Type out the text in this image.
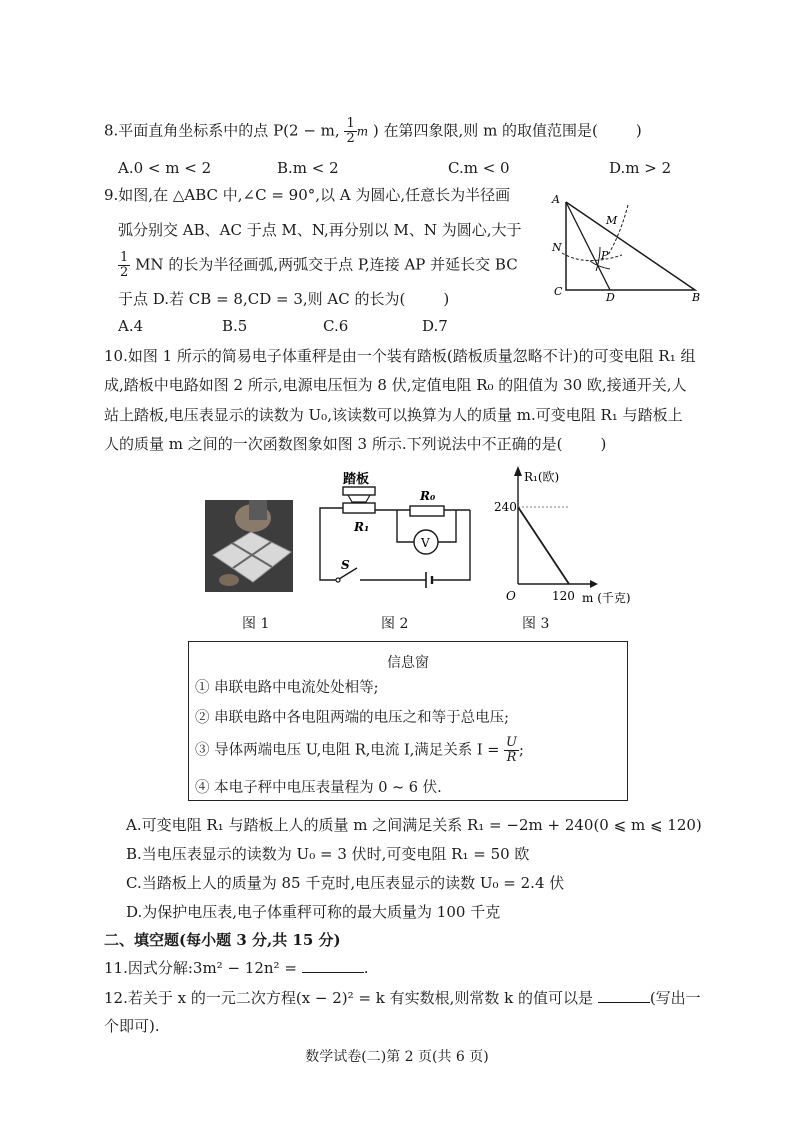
8.平面直角坐标系中的点 P(2 − m, $\frac{1}{2}$ m ) 在第四象限,则 m 的取值范围是(	)
A.0 < m < 2	B.m < 2	C.m < 0	D.m > 2
9.如图,在 △ABC 中,∠C = 90°,以 A 为圆心,任意长为半径画
弧分别交 AB、AC 于点 M、N,再分别以 M、N 为圆心,大于
$\frac{1}{2}$ MN 的长为半径画弧,两弧交于点 P,连接 AP 并延长交 BC
于点 D.若 CB = 8,CD = 3,则 AC 的长为(	)
A.4	B.5	C.6	D.7
A
M
N
P
C	D	B
10.如图 1 所示的简易电子体重秤是由一个装有踏板(踏板质量忽略不计)的可变电阻 R₁ 组
成,踏板中电路如图 2 所示,电源电压恒为 8 伏,定值电阻 R₀ 的阻值为 30 欧,接通开关,人
站上踏板,电压表显示的读数为 U₀,该读数可以换算为人的质量 m.可变电阻 R₁ 与踏板上
人的质量 m 之间的一次函数图象如图 3 所示.下列说法中不正确的是(	)
踏板
R₁
R₀
V
S
R₁(欧)
240
O	120 m (千克)
图 1	图 2	图 3
信息窗
① 串联电路中电流处处相等;
② 串联电路中各电阻两端的电压之和等于总电压;
③ 导体两端电压 U,电阻 R,电流 I,满足关系 $I = \frac{U}{R}$ ;
④ 本电子秤中电压表量程为 0 ~ 6 伏.
A.可变电阻 R₁ 与踏板上人的质量 m 之间满足关系 R₁ = −2m + 240(0 ⩽ m ⩽ 120)
B.当电压表显示的读数为 U₀ = 3 伏时,可变电阻 R₁ = 50 欧
C.当踏板上人的质量为 85 千克时,电压表显示的读数 U₀ = 2.4 伏
D.为保护电压表,电子体重秤可称的最大质量为 100 千克
二、填空题(每小题 3 分,共 15 分)
11.因式分解:3m² − 12n² =	.
12.若关于 x 的一元二次方程(x − 2)² = k 有实数根,则常数 k 的值可以是	(写出一
个即可).
数学试卷(二)第 2 页(共 6 页)
